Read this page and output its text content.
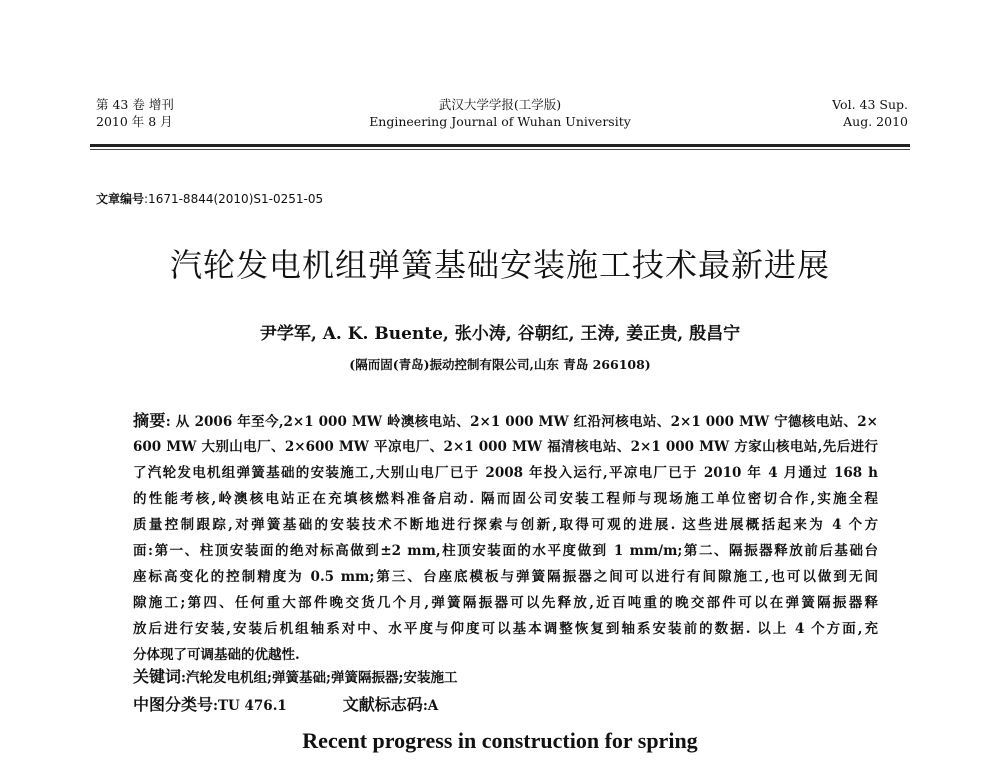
第 43 卷 增刊
2010 年 8 月
武汉大学学报(工学版)
Engineering Journal of Wuhan University
Vol. 43 Sup.
Aug. 2010
文章编号:1671-8844(2010)S1-0251-05
汽轮发电机组弹簧基础安装施工技术最新进展
尹学军, A. K. Buente, 张小涛, 谷朝红, 王涛, 姜正贵, 殷昌宁
(隔而固(青岛)振动控制有限公司,山东 青岛 266108)
摘要: 从 2006 年至今,2×1 000 MW 岭澳核电站、2×1 000 MW 红沿河核电站、2×1 000 MW 宁德核电站、2×
600 MW 大别山电厂、2×600 MW 平凉电厂、2×1 000 MW 福清核电站、2×1 000 MW 方家山核电站,先后进行
了汽轮发电机组弹簧基础的安装施工,大别山电厂已于 2008 年投入运行,平凉电厂已于 2010 年 4 月通过 168 h
的性能考核,岭澳核电站正在充填核燃料准备启动. 隔而固公司安装工程师与现场施工单位密切合作,实施全程
质量控制跟踪,对弹簧基础的安装技术不断地进行探索与创新,取得可观的进展. 这些进展概括起来为 4 个方
面:第一、柱顶安装面的绝对标高做到±2 mm,柱顶安装面的水平度做到 1 mm/m;第二、隔振器释放前后基础台
座标高变化的控制精度为 0.5 mm;第三、台座底模板与弹簧隔振器之间可以进行有间隙施工,也可以做到无间
隙施工;第四、任何重大部件晚交货几个月,弹簧隔振器可以先释放,近百吨重的晚交部件可以在弹簧隔振器释
放后进行安装,安装后机组轴系对中、水平度与仰度可以基本调整恢复到轴系安装前的数据. 以上 4 个方面,充
分体现了可调基础的优越性.
关键词:汽轮发电机组;弹簧基础;弹簧隔振器;安装施工
中图分类号:TU 476.1	文献标志码:A
Recent progress in construction for spring
